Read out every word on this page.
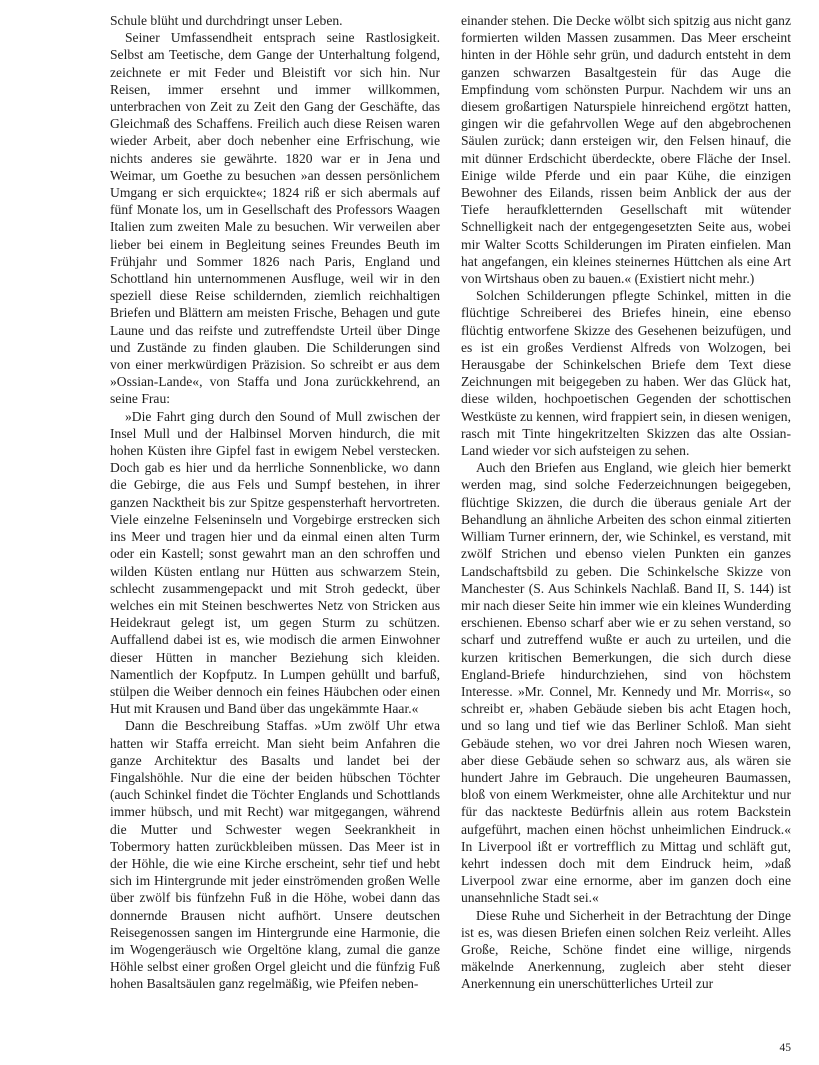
Schule blüht und durchdringt unser Leben.

Seiner Umfassendheit entsprach seine Rastlosigkeit. Selbst am Teetische, dem Gange der Unterhaltung folgend, zeichnete er mit Feder und Bleistift vor sich hin. Nur Reisen, immer ersehnt und immer willkommen, unterbrachen von Zeit zu Zeit den Gang der Geschäfte, das Gleichmaß des Schaffens. Freilich auch diese Reisen waren wieder Arbeit, aber doch nebenher eine Erfrischung, wie nichts anderes sie gewährte. 1820 war er in Jena und Weimar, um Goethe zu besuchen »an dessen persönlichem Umgang er sich erquickte«; 1824 riß er sich abermals auf fünf Monate los, um in Gesellschaft des Professors Waagen Italien zum zweiten Male zu besuchen. Wir verweilen aber lieber bei einem in Begleitung seines Freundes Beuth im Frühjahr und Sommer 1826 nach Paris, England und Schottland hin unternommenen Ausfluge, weil wir in den speziell diese Reise schildernden, ziemlich reichhaltigen Briefen und Blättern am meisten Frische, Behagen und gute Laune und das reifste und zutreffendste Urteil über Dinge und Zustände zu finden glauben. Die Schilderungen sind von einer merkwürdigen Präzision. So schreibt er aus dem »Ossian-Lande«, von Staffa und Jona zurückkehrend, an seine Frau:

»Die Fahrt ging durch den Sound of Mull zwischen der Insel Mull und der Halbinsel Morven hindurch, die mit hohen Küsten ihre Gipfel fast in ewigem Nebel verstecken. Doch gab es hier und da herrliche Sonnenblicke, wo dann die Gebirge, die aus Fels und Sumpf bestehen, in ihrer ganzen Nacktheit bis zur Spitze gespensterhaft hervortreten. Viele einzelne Felseninseln und Vorgebirge erstrecken sich ins Meer und tragen hier und da einmal einen alten Turm oder ein Kastell; sonst gewahrt man an den schroffen und wilden Küsten entlang nur Hütten aus schwarzem Stein, schlecht zusammengepackt und mit Stroh gedeckt, über welches ein mit Steinen beschwertes Netz von Stricken aus Heidekraut gelegt ist, um gegen Sturm zu schützen. Auffallend dabei ist es, wie modisch die armen Einwohner dieser Hütten in mancher Beziehung sich kleiden. Namentlich der Kopfputz. In Lumpen gehüllt und barfuß, stülpen die Weiber dennoch ein feines Häubchen oder einen Hut mit Krausen und Band über das ungekämmte Haar.«

Dann die Beschreibung Staffas. »Um zwölf Uhr etwa hatten wir Staffa erreicht. Man sieht beim Anfahren die ganze Architektur des Basalts und landet bei der Fingalshöhle. Nur die eine der beiden hübschen Töchter (auch Schinkel findet die Töchter Englands und Schottlands immer hübsch, und mit Recht) war mitgegangen, während die Mutter und Schwester wegen Seekrankheit in Tobermory hatten zurückbleiben müssen. Das Meer ist in der Höhle, die wie eine Kirche erscheint, sehr tief und hebt sich im Hintergrunde mit jeder einströmenden großen Welle über zwölf bis fünfzehn Fuß in die Höhe, wobei dann das donnernde Brausen nicht aufhört. Unsere deutschen Reisegenossen sangen im Hintergrunde eine Harmonie, die im Wogengeräusch wie Orgeltöne klang, zumal die ganze Höhle selbst einer großen Orgel gleicht und die fünfzig Fuß hohen Basaltsäulen ganz regelmäßig, wie Pfeifen neben-

einander stehen. Die Decke wölbt sich spitzig aus nicht ganz formierten wilden Massen zusammen. Das Meer erscheint hinten in der Höhle sehr grün, und dadurch entsteht in dem ganzen schwarzen Basaltgestein für das Auge die Empfindung vom schönsten Purpur. Nachdem wir uns an diesem großartigen Naturspiele hinreichend ergötzt hatten, gingen wir die gefahrvollen Wege auf den abgebrochenen Säulen zurück; dann ersteigen wir, den Felsen hinauf, die mit dünner Erdschicht überdeckte, obere Fläche der Insel. Einige wilde Pferde und ein paar Kühe, die einzigen Bewohner des Eilands, rissen beim Anblick der aus der Tiefe heraufkletternden Gesellschaft mit wütender Schnelligkeit nach der entgegengesetzten Seite aus, wobei mir Walter Scotts Schilderungen im Piraten einfielen. Man hat angefangen, ein kleines steinernes Hüttchen als eine Art von Wirtshaus oben zu bauen.« (Existiert nicht mehr.)

Solchen Schilderungen pflegte Schinkel, mitten in die flüchtige Schreiberei des Briefes hinein, eine ebenso flüchtig entworfene Skizze des Gesehenen beizufügen, und es ist ein großes Verdienst Alfreds von Wolzogen, bei Herausgabe der Schinkelschen Briefe dem Text diese Zeichnungen mit beigegeben zu haben. Wer das Glück hat, diese wilden, hochpoetischen Gegenden der schottischen Westküste zu kennen, wird frappiert sein, in diesen wenigen, rasch mit Tinte hingekritzelten Skizzen das alte Ossian-Land wieder vor sich aufsteigen zu sehen.

Auch den Briefen aus England, wie gleich hier bemerkt werden mag, sind solche Federzeichnungen beigegeben, flüchtige Skizzen, die durch die überaus geniale Art der Behandlung an ähnliche Arbeiten des schon einmal zitierten William Turner erinnern, der, wie Schinkel, es verstand, mit zwölf Strichen und ebenso vielen Punkten ein ganzes Landschaftsbild zu geben. Die Schinkelsche Skizze von Manchester (S. Aus Schinkels Nachlaß. Band II, S. 144) ist mir nach dieser Seite hin immer wie ein kleines Wunderding erschienen. Ebenso scharf aber wie er zu sehen verstand, so scharf und zutreffend wußte er auch zu urteilen, und die kurzen kritischen Bemerkungen, die sich durch diese England-Briefe hindurchziehen, sind von höchstem Interesse. »Mr. Connel, Mr. Kennedy und Mr. Morris«, so schreibt er, »haben Gebäude sieben bis acht Etagen hoch, und so lang und tief wie das Berliner Schloß. Man sieht Gebäude stehen, wo vor drei Jahren noch Wiesen waren, aber diese Gebäude sehen so schwarz aus, als wären sie hundert Jahre im Gebrauch. Die ungeheuren Baumassen, bloß von einem Werkmeister, ohne alle Architektur und nur für das nackteste Bedürfnis allein aus rotem Backstein aufgeführt, machen einen höchst unheimlichen Eindruck.« In Liverpool ißt er vortrefflich zu Mittag und schläft gut, kehrt indessen doch mit dem Eindruck heim, »daß Liverpool zwar eine ernorme, aber im ganzen doch eine unansehnliche Stadt sei.«

Diese Ruhe und Sicherheit in der Betrachtung der Dinge ist es, was diesen Briefen einen solchen Reiz verleiht. Alles Große, Reiche, Schöne findet eine willige, nirgends mäkelnde Anerkennung, zugleich aber steht dieser Anerkennung ein unerschütterliches Urteil zur

45
